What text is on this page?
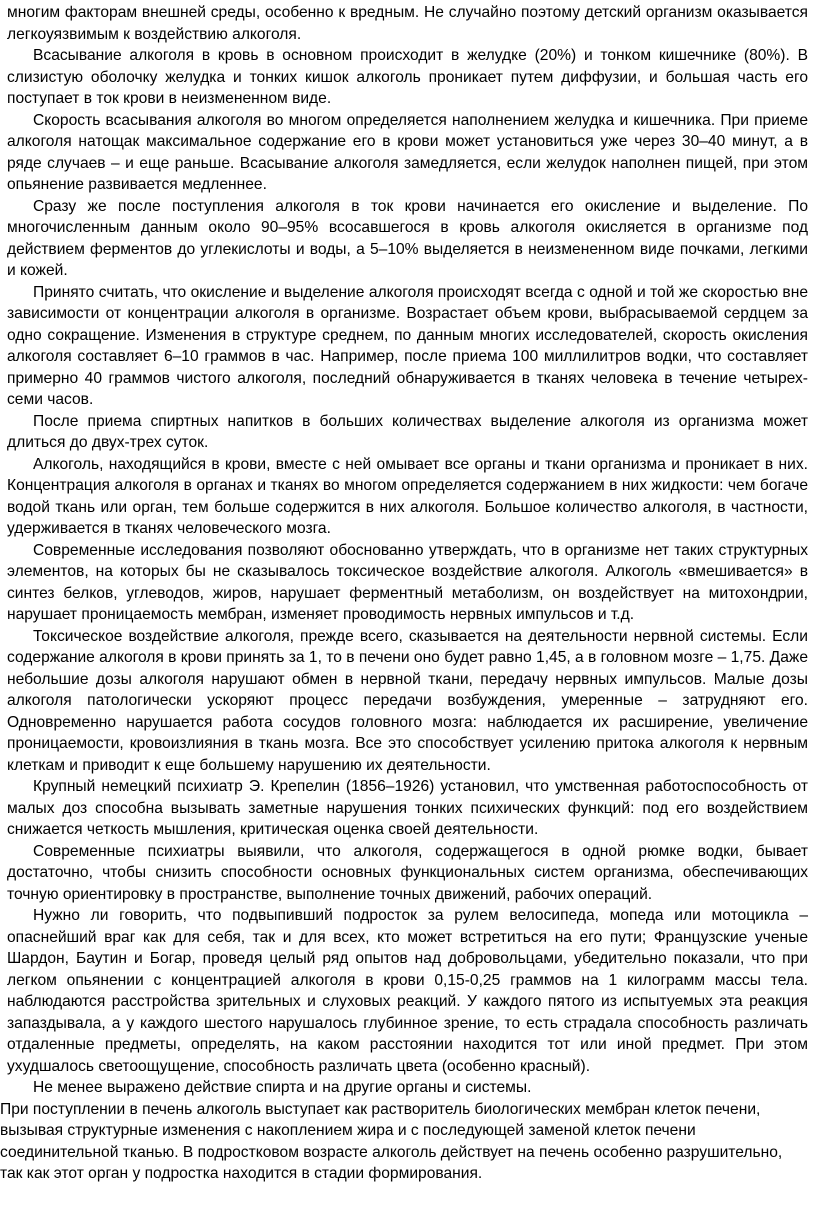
многим факторам внешней среды, особенно к вредным. Не случайно поэтому детский организм оказывается легкоуязвимым к воздействию алкоголя.

Всасывание алкоголя в кровь в основном происходит в желудке (20%) и тонком кишечнике (80%). В слизистую оболочку желудка и тонких кишок алкоголь проникает путем диффузии, и большая часть его поступает в ток крови в неизмененном виде.

Скорость всасывания алкоголя во многом определяется наполнением желудка и кишечника. При приеме алкоголя натощак максимальное содержание его в крови может установиться уже через 30–40 минут, а в ряде случаев – и еще раньше. Всасывание алкоголя замедляется, если желудок наполнен пищей, при этом опьянение развивается медленнее.

Сразу же после поступления алкоголя в ток крови начинается его окисление и выделение. По многочисленным данным около 90–95% всосавшегося в кровь алкоголя окисляется в организме под действием ферментов до углекислоты и воды, а 5–10% выделяется в неизмененном виде почками, легкими и кожей.

Принято считать, что окисление и выделение алкоголя происходят всегда с одной и той же скоростью вне зависимости от концентрации алкоголя в организме. Возрастает объем крови, выбрасываемой сердцем за одно сокращение. Изменения в структуре среднем, по данным многих исследователей, скорость окисления алкоголя составляет 6–10 граммов в час. Например, после приема 100 миллилитров водки, что составляет примерно 40 граммов чистого алкоголя, последний обнаруживается в тканях человека в течение четырех-семи часов.

После приема спиртных напитков в больших количествах выделение алкоголя из организма может длиться до двух-трех суток.

Алкоголь, находящийся в крови, вместе с ней омывает все органы и ткани организма и проникает в них. Концентрация алкоголя в органах и тканях во многом определяется содержанием в них жидкости: чем богаче водой ткань или орган, тем больше содержится в них алкоголя. Большое количество алкоголя, в частности, удерживается в тканях человеческого мозга.

Современные исследования позволяют обоснованно утверждать, что в организме нет таких структурных элементов, на которых бы не сказывалось токсическое воздействие алкоголя. Алкоголь «вмешивается» в синтез белков, углеводов, жиров, нарушает ферментный метаболизм, он воздействует на митохондрии, нарушает проницаемость мембран, изменяет проводимость нервных импульсов и т.д.

Токсическое воздействие алкоголя, прежде всего, сказывается на деятельности нервной системы. Если содержание алкоголя в крови принять за 1, то в печени оно будет равно 1,45, а в головном мозге – 1,75. Даже небольшие дозы алкоголя нарушают обмен в нервной ткани, передачу нервных импульсов. Малые дозы алкоголя патологически ускоряют процесс передачи возбуждения, умеренные – затрудняют его. Одновременно нарушается работа сосудов головного мозга: наблюдается их расширение, увеличение проницаемости, кровоизлияния в ткань мозга. Все это способствует усилению притока алкоголя к нервным клеткам и приводит к еще большему нарушению их деятельности.

Крупный немецкий психиатр Э. Крепелин (1856–1926) установил, что умственная работоспособность от малых доз способна вызывать заметные нарушения тонких психических функций: под его воздействием снижается четкость мышления, критическая оценка своей деятельности.

Современные психиатры выявили, что алкоголя, содержащегося в одной рюмке водки, бывает достаточно, чтобы снизить способности основных функциональных систем организма, обеспечивающих точную ориентировку в пространстве, выполнение точных движений, рабочих операций.

Нужно ли говорить, что подвыпивший подросток за рулем велосипеда, мопеда или мотоцикла – опаснейший враг как для себя, так и для всех, кто может встретиться на его пути; Французские ученые Шардон, Баутин и Богар, проведя целый ряд опытов над добровольцами, убедительно показали, что при легком опьянении с концентрацией алкоголя в крови 0,15-0,25 граммов на 1 килограмм массы тела. наблюдаются расстройства зрительных и слуховых реакций. У каждого пятого из испытуемых эта реакция запаздывала, а у каждого шестого нарушалось глубинное зрение, то есть страдала способность различать отдаленные предметы, определять, на каком расстоянии находится тот или иной предмет. При этом ухудшалось светоощущение, способность различать цвета (особенно красный).

Не менее выражено действие спирта и на другие органы и системы.

При поступлении в печень алкоголь выступает как растворитель биологических мембран клеток печени, вызывая структурные изменения с накоплением жира и с последующей заменой клеток печени соединительной тканью. В подростковом возрасте алкоголь действует на печень особенно разрушительно, так как этот орган у подростка находится в стадии формирования.
